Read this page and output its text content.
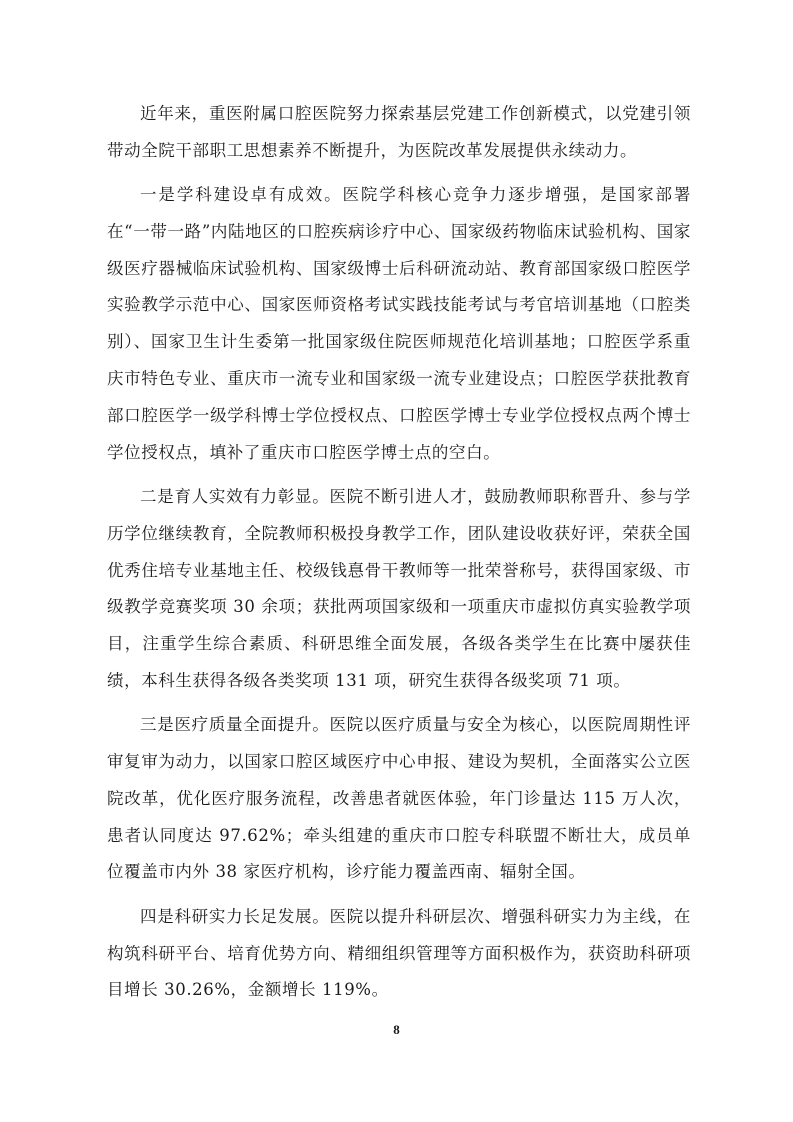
近年来，重医附属口腔医院努力探索基层党建工作创新模式，以党建引领带动全院干部职工思想素养不断提升，为医院改革发展提供永续动力。

一是学科建设卓有成效。医院学科核心竞争力逐步增强，是国家部署在“一带一路”内陆地区的口腔疾病诊疗中心、国家级药物临床试验机构、国家级医疗器械临床试验机构、国家级博士后科研流动站、教育部国家级口腔医学实验教学示范中心、国家医师资格考试实践技能考试与考官培训基地（口腔类别）、国家卫生计生委第一批国家级住院医师规范化培训基地；口腔医学系重庆市特色专业、重庆市一流专业和国家级一流专业建设点；口腔医学获批教育部口腔医学一级学科博士学位授权点、口腔医学博士专业学位授权点两个博士学位授权点，填补了重庆市口腔医学博士点的空白。

二是育人实效有力彰显。医院不断引进人才，鼓励教师职称晋升、参与学历学位继续教育，全院教师积极投身教学工作，团队建设收获好评，荣获全国优秀住培专业基地主任、校级钱惪骨干教师等一批荣誉称号，获得国家级、市级教学竞赛奖项 30 余项；获批两项国家级和一项重庆市虚拟仿真实验教学项目，注重学生综合素质、科研思维全面发展，各级各类学生在比赛中屡获佳绩，本科生获得各级各类奖项 131 项，研究生获得各级奖项 71 项。

三是医疗质量全面提升。医院以医疗质量与安全为核心，以医院周期性评审复审为动力，以国家口腔区域医疗中心申报、建设为契机，全面落实公立医院改革，优化医疗服务流程，改善患者就医体验，年门诊量达 115 万人次，患者认同度达 97.62%；牵头组建的重庆市口腔专科联盟不断壮大，成员单位覆盖市内外 38 家医疗机构，诊疗能力覆盖西南、辐射全国。

四是科研实力长足发展。医院以提升科研层次、增强科研实力为主线，在构筑科研平台、培育优势方向、精细组织管理等方面积极作为，获资助科研项目增长 30.26%，金额增长 119%。

8
